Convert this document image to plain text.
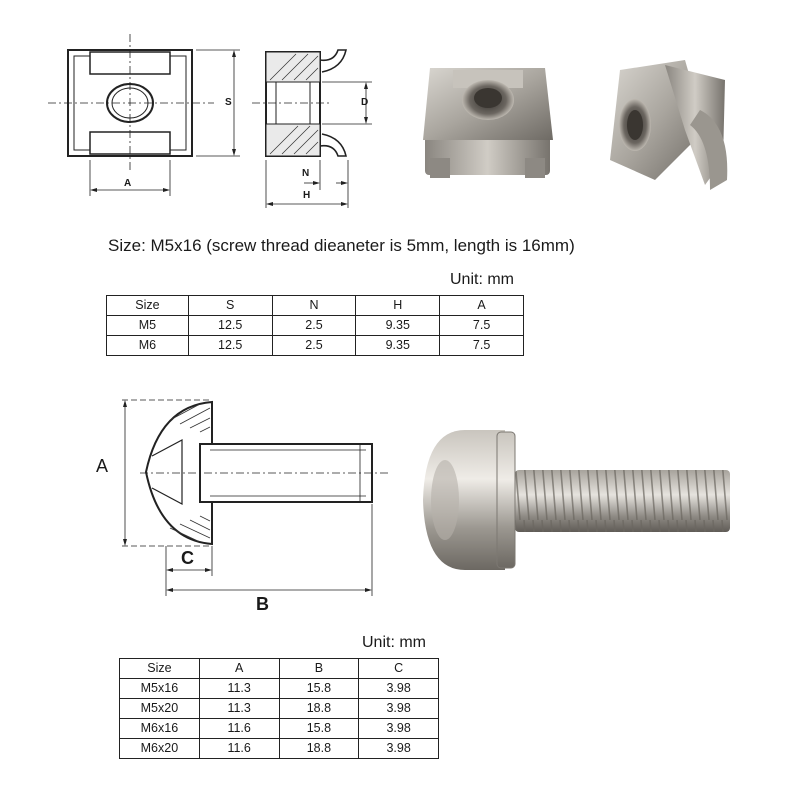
S	D
N
H
A
Size: M5x16 (screw thread dieaneter is 5mm, length is 16mm)
Unit: mm
Size	S	N	H	A
M5	12.5	2.5	9.35	7.5
M6	12.5	2.5	9.35	7.5
A
C
B
Unit: mm
Size	A	B	C
M5x16	11.3	15.8	3.98
M5x20	11.3	18.8	3.98
M6x16	11.6	15.8	3.98
M6x20	11.6	18.8	3.98
